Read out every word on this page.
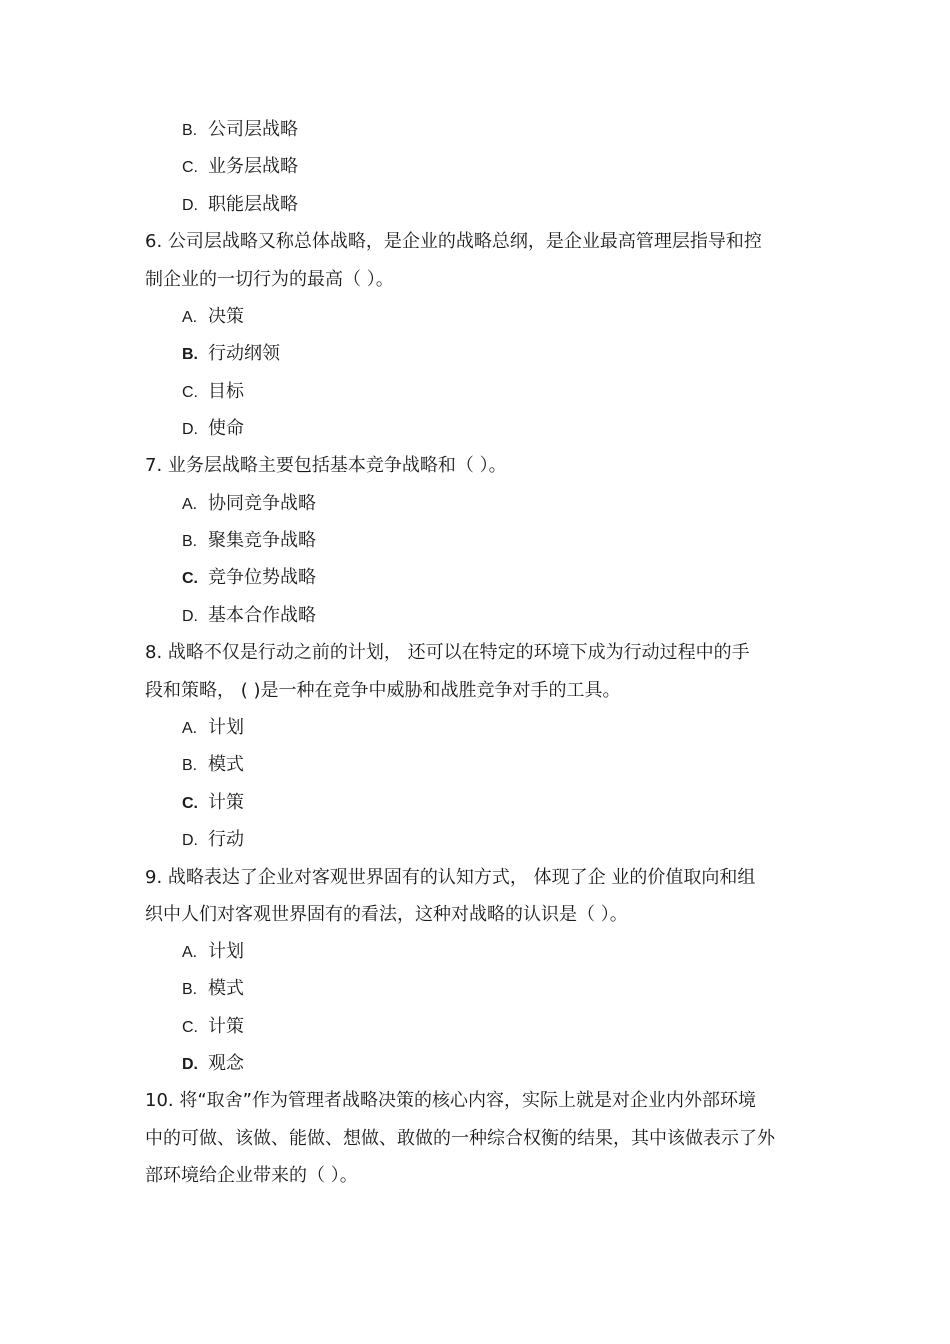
B. 公司层战略
C. 业务层战略
D. 职能层战略
6. 公司层战略又称总体战略，是企业的战略总纲，是企业最高管理层指导和控
制企业的一切行为的最高（ ）。
A. 决策
B. 行动纲领
C. 目标
D. 使命
7. 业务层战略主要包括基本竞争战略和（ ）。
A. 协同竞争战略
B. 聚集竞争战略
C. 竞争位势战略
D. 基本合作战略
8. 战略不仅是行动之前的计划， 还可以在特定的环境下成为行动过程中的手
段和策略， ( )是一种在竞争中威胁和战胜竞争对手的工具。
A. 计划
B. 模式
C. 计策
D. 行动
9. 战略表达了企业对客观世界固有的认知方式， 体现了企 业的价值取向和组
织中人们对客观世界固有的看法，这种对战略的认识是（ ）。
A. 计划
B. 模式
C. 计策
D. 观念
10. 将“取舍”作为管理者战略决策的核心内容，实际上就是对企业内外部环境
中的可做、该做、能做、想做、敢做的一种综合权衡的结果，其中该做表示了外
部环境给企业带来的（ ）。
